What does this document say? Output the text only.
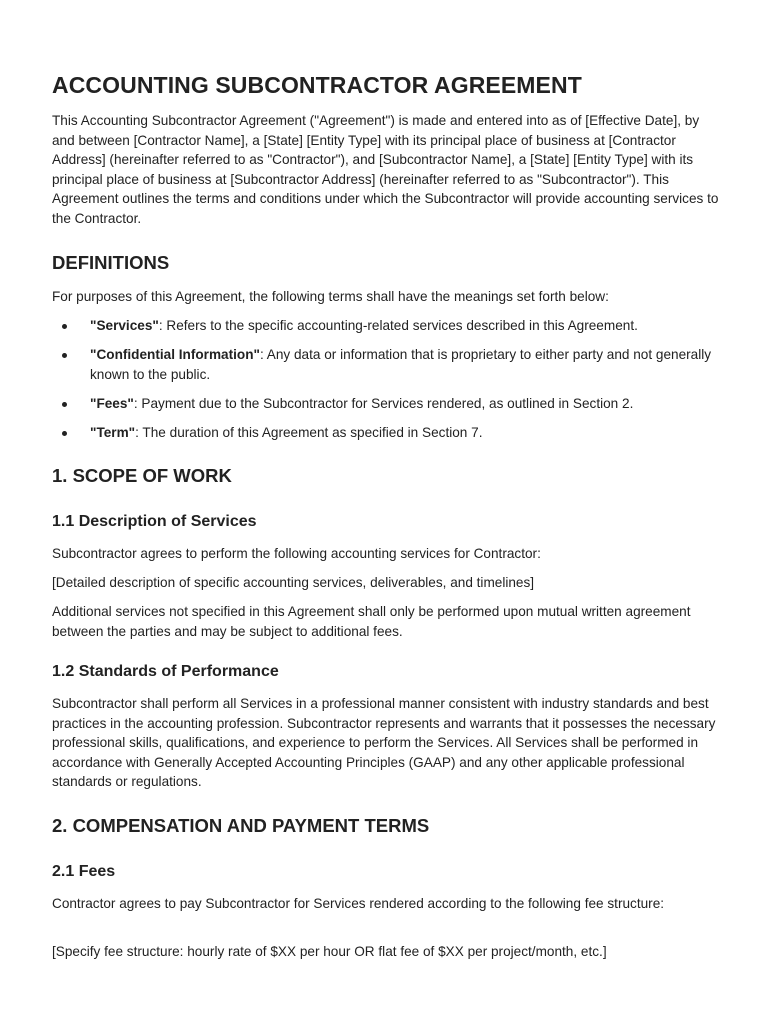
ACCOUNTING SUBCONTRACTOR AGREEMENT

This Accounting Subcontractor Agreement ("Agreement") is made and entered into as of [Effective Date], by and between [Contractor Name], a [State] [Entity Type] with its principal place of business at [Contractor Address] (hereinafter referred to as "Contractor"), and [Subcontractor Name], a [State] [Entity Type] with its principal place of business at [Subcontractor Address] (hereinafter referred to as "Subcontractor"). This Agreement outlines the terms and conditions under which the Subcontractor will provide accounting services to the Contractor.

DEFINITIONS

For purposes of this Agreement, the following terms shall have the meanings set forth below:

"Services": Refers to the specific accounting-related services described in this Agreement.
"Confidential Information": Any data or information that is proprietary to either party and not generally known to the public.
"Fees": Payment due to the Subcontractor for Services rendered, as outlined in Section 2.
"Term": The duration of this Agreement as specified in Section 7.
1. SCOPE OF WORK
1.1 Description of Services

Subcontractor agrees to perform the following accounting services for Contractor:

[Detailed description of specific accounting services, deliverables, and timelines]

Additional services not specified in this Agreement shall only be performed upon mutual written agreement between the parties and may be subject to additional fees.

1.2 Standards of Performance

Subcontractor shall perform all Services in a professional manner consistent with industry standards and best practices in the accounting profession. Subcontractor represents and warrants that it possesses the necessary professional skills, qualifications, and experience to perform the Services. All Services shall be performed in accordance with Generally Accepted Accounting Principles (GAAP) and any other applicable professional standards or regulations.

2. COMPENSATION AND PAYMENT TERMS
2.1 Fees

Contractor agrees to pay Subcontractor for Services rendered according to the following fee structure:

[Specify fee structure: hourly rate of $XX per hour OR flat fee of $XX per project/month, etc.]
